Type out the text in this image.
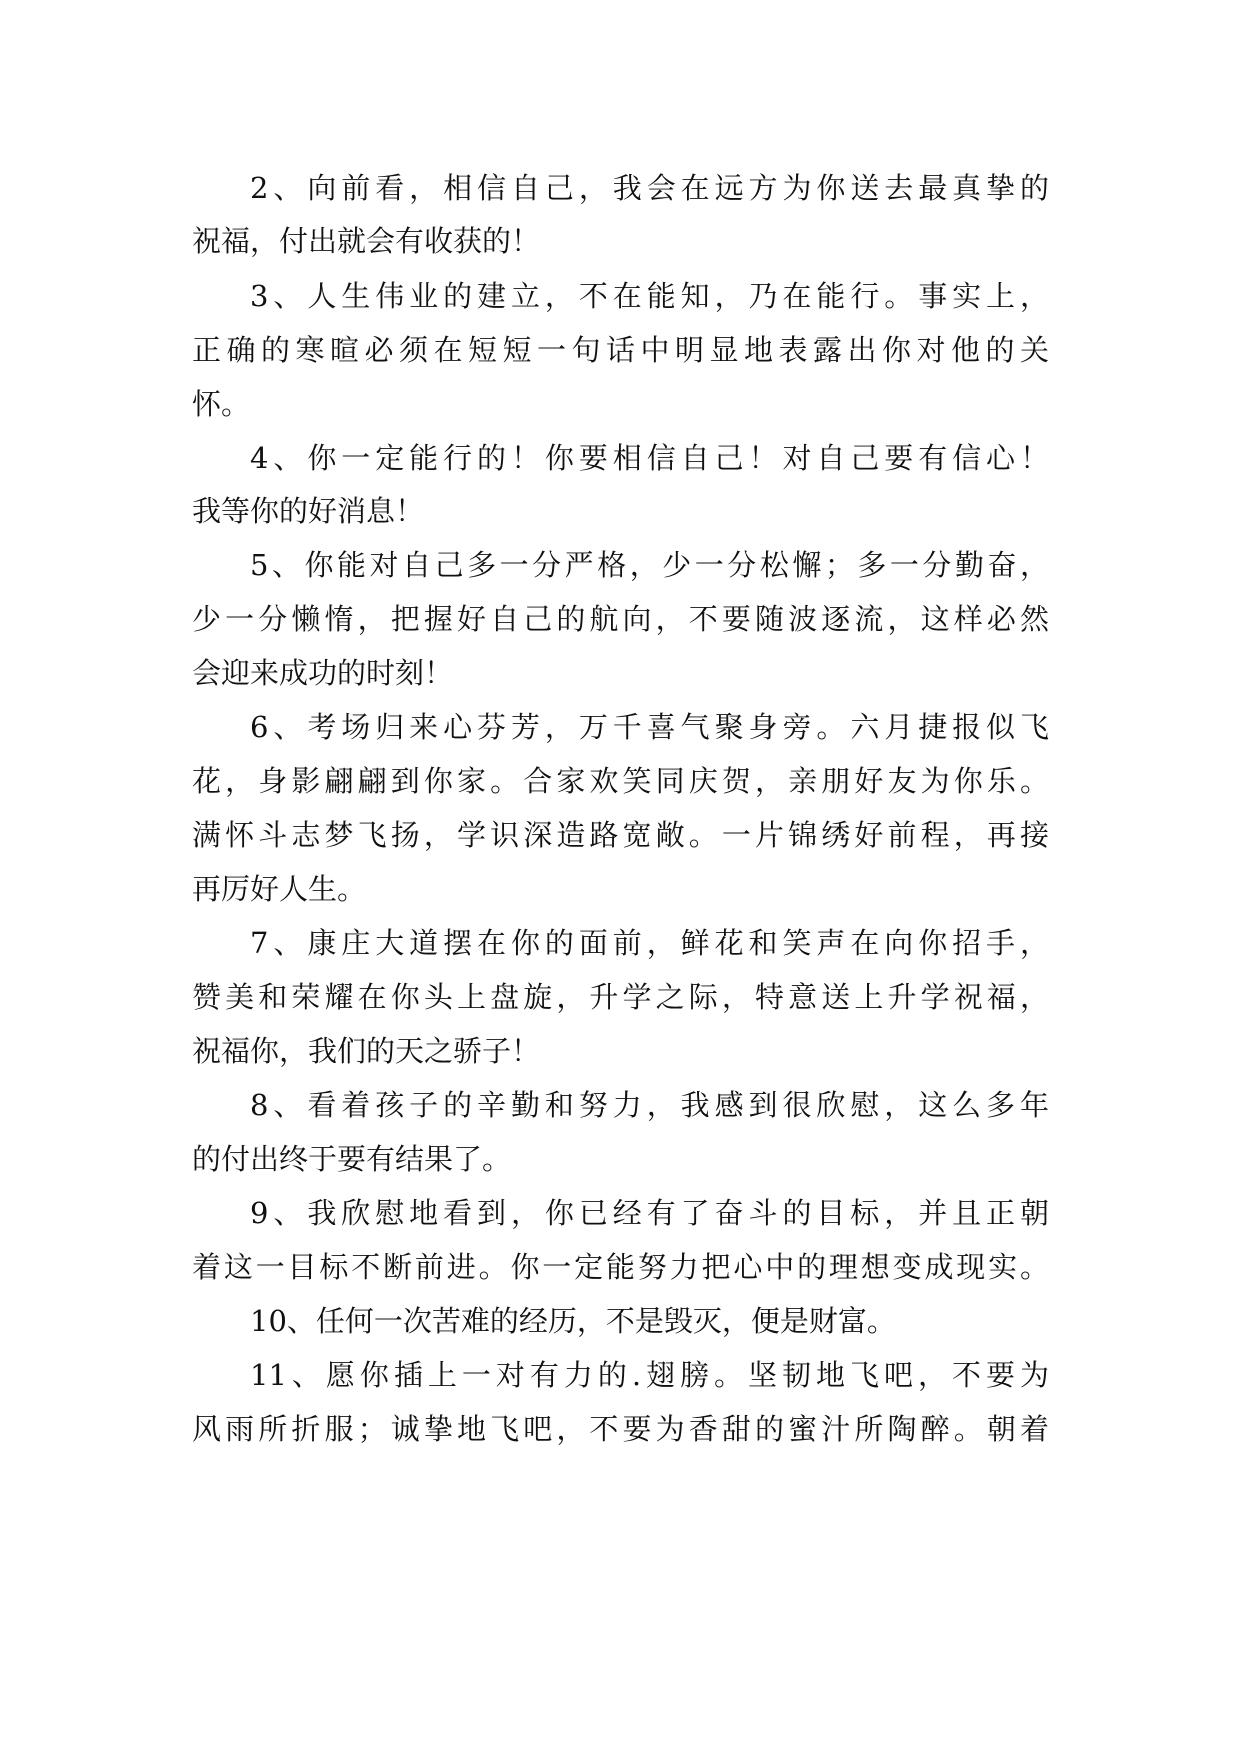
2、向前看，相信自己，我会在远方为你送去最真挚的
祝福，付出就会有收获的！
3、人生伟业的建立，不在能知，乃在能行。事实上，
正确的寒暄必须在短短一句话中明显地表露出你对他的关
怀。
4、你一定能行的！你要相信自己！对自己要有信心！
我等你的好消息！
5、你能对自己多一分严格，少一分松懈；多一分勤奋，
少一分懒惰，把握好自己的航向，不要随波逐流，这样必然
会迎来成功的时刻！
6、考场归来心芬芳，万千喜气聚身旁。六月捷报似飞
花，身影翩翩到你家。合家欢笑同庆贺，亲朋好友为你乐。
满怀斗志梦飞扬，学识深造路宽敞。一片锦绣好前程，再接
再厉好人生。
7、康庄大道摆在你的面前，鲜花和笑声在向你招手，
赞美和荣耀在你头上盘旋，升学之际，特意送上升学祝福，
祝福你，我们的天之骄子！
8、看着孩子的辛勤和努力，我感到很欣慰，这么多年
的付出终于要有结果了。
9、我欣慰地看到，你已经有了奋斗的目标，并且正朝
着这一目标不断前进。你一定能努力把心中的理想变成现实。
10、任何一次苦难的经历，不是毁灭，便是财富。
11、愿你插上一对有力的.翅膀。坚韧地飞吧，不要为
风雨所折服；诚挚地飞吧，不要为香甜的蜜汁所陶醉。朝着
